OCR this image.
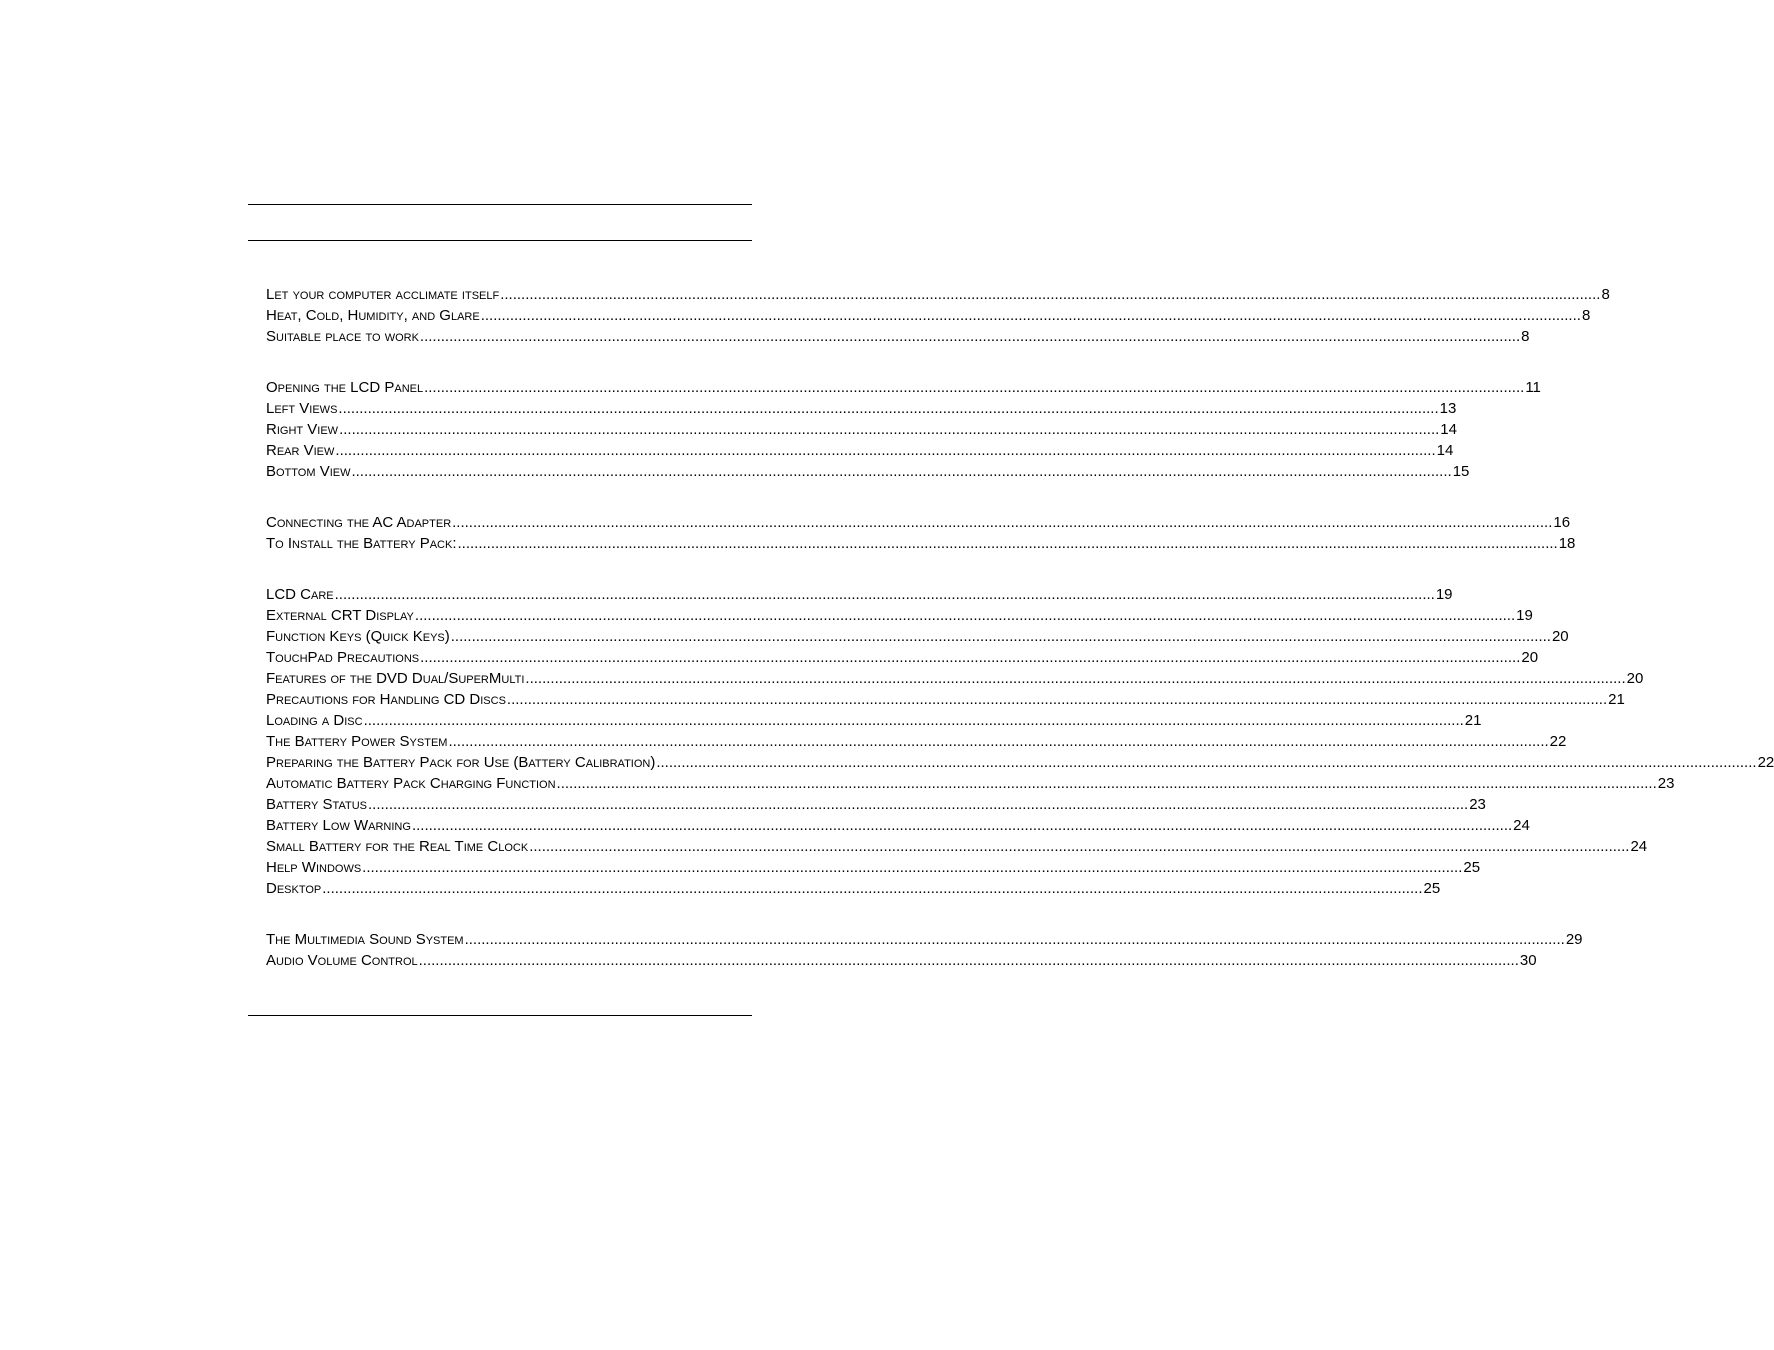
Let your computer acclimate itself .....	8
Heat, Cold, Humidity, and Glare .....	8
Suitable place to work .....	8
Opening the LCD Panel .....	11
Left Views .....	13
Right View .....	14
Rear View .....	14
Bottom View .....	15
Connecting the AC Adapter .....	16
To Install the Battery Pack: .....	18
LCD Care .....	19
External CRT Display .....	19
Function Keys (Quick Keys) .....	20
TouchPad Precautions .....	20
Features of the DVD Dual/SuperMulti .....	20
Precautions for Handling CD Discs .....	21
Loading a Disc .....	21
The Battery Power System .....	22
Preparing the Battery Pack for Use (Battery Calibration) .....	22
Automatic Battery Pack Charging Function .....	23
Battery Status .....	23
Battery Low Warning .....	24
Small Battery for the Real Time Clock .....	24
Help Windows .....	25
Desktop .....	25
The Multimedia Sound System .....	29
Audio Volume Control .....	30
